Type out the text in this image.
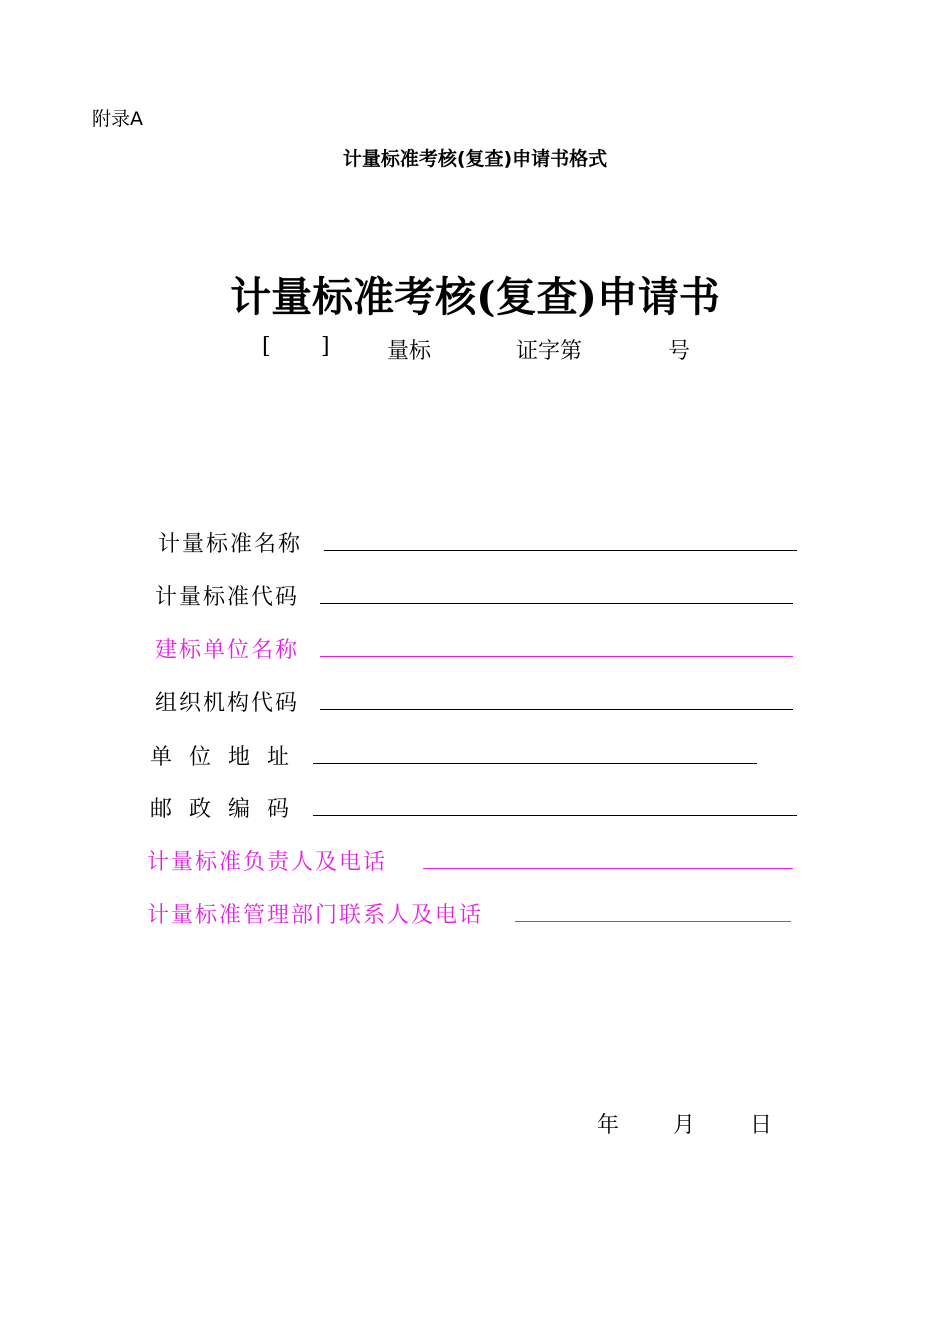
附录A
计量标准考核(复查)申请书格式
计量标准考核(复查)申请书
[ ]	量标	证字第	号
计量标准名称
计量标准代码
建标单位名称
组织机构代码
单位地址
邮政编码
计量标准负责人及电话
计量标准管理部门联系人及电话
年 月 日
